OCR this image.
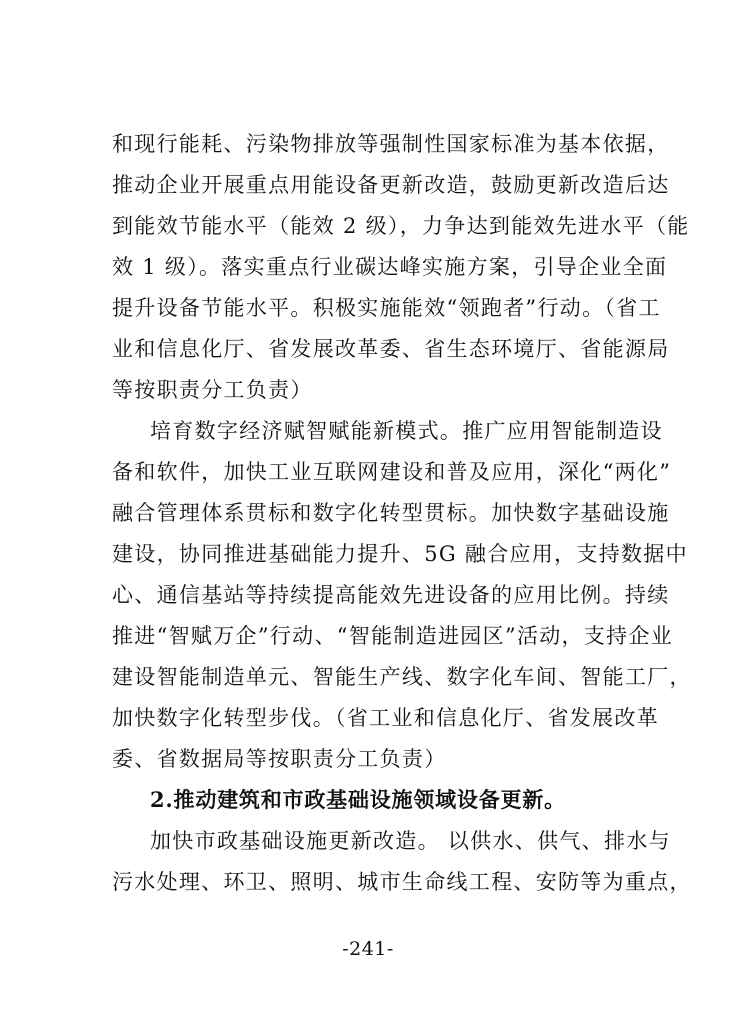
和现行能耗、污染物排放等强制性国家标准为基本依据，
推动企业开展重点用能设备更新改造，鼓励更新改造后达
到能效节能水平（能效 2 级），力争达到能效先进水平（能
效 1 级）。落实重点行业碳达峰实施方案，引导企业全面
提升设备节能水平。积极实施能效“领跑者”行动。（省工
业和信息化厅、省发展改革委、省生态环境厅、省能源局
等按职责分工负责）
培育数字经济赋智赋能新模式。推广应用智能制造设
备和软件，加快工业互联网建设和普及应用，深化“两化”
融合管理体系贯标和数字化转型贯标。加快数字基础设施
建设，协同推进基础能力提升、5G 融合应用，支持数据中
心、通信基站等持续提高能效先进设备的应用比例。持续
推进“智赋万企”行动、“智能制造进园区”活动，支持企业
建设智能制造单元、智能生产线、数字化车间、智能工厂，
加快数字化转型步伐。（省工业和信息化厅、省发展改革
委、省数据局等按职责分工负责）
2.推动建筑和市政基础设施领域设备更新。
加快市政基础设施更新改造。 以供水、供气、排水与
污水处理、环卫、照明、城市生命线工程、安防等为重点，
-241-
